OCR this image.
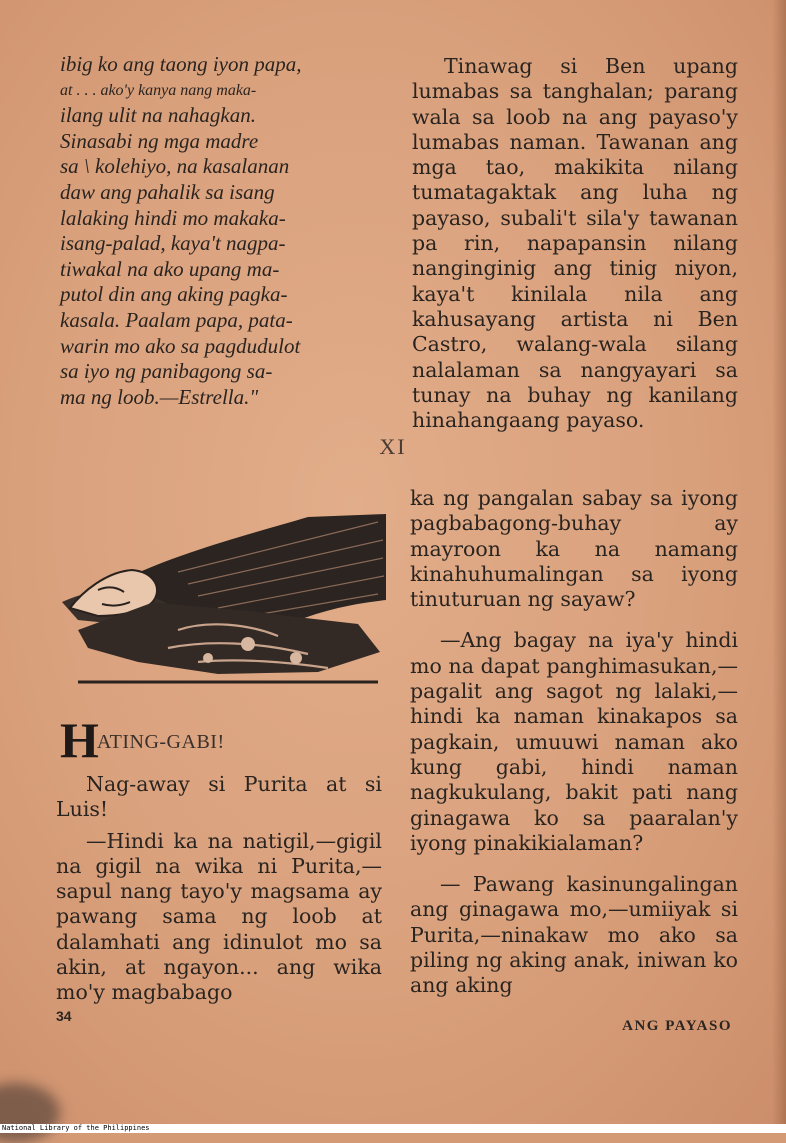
ibig ko ang taong iyon papa,

at . . . ako'y kanya nang maka-

ilang ulit na nahagkan.

Sinasabi ng mga madre

sa \ kolehiyo, na kasalanan

daw ang pahalik sa isang

lalaking hindi mo makaka-

isang-palad, kaya't nagpa-

tiwakal na ako upang ma-

putol din ang aking pagka-

kasala. Paalam papa, pata-

warin mo ako sa pagdudulot

sa iyo ng panibagong sa-

ma ng loob.—Estrella."

Tinawag si Ben upang lumabas sa tanghalan; parang wala sa loob na ang payaso'y lumabas naman. Tawanan ang mga tao, makikita nilang tumatagaktak ang luha ng payaso, subali't sila'y tawanan pa rin, napapansin nilang nanginginig ang tinig niyon, kaya't kinilala nila ang kahusayang artista ni Ben Castro, walang-wala silang nalalaman sa nangyayari sa tunay na buhay ng kanilang hinahangaang payaso.

XI
HATING-GABI!

Nag-away si Purita at si Luis!

—Hindi ka na natigil,—gigil na gigil na wika ni Purita,—sapul nang tayo'y magsama ay pawang sama ng loob at dalamhati ang idinulot mo sa akin, at ngayon... ang wika mo'y magbabago

ka ng pangalan sabay sa iyong pagbabagong-buhay ay mayroon ka na namang kinahuhumalingan sa iyong tinuturuan ng sayaw?

—Ang bagay na iya'y hindi mo na dapat panghimasukan,—pagalit ang sagot ng lalaki,—hindi ka naman kinakapos sa pagkain, umuuwi naman ako kung gabi, hindi naman nagkukulang, bakit pati nang ginagawa ko sa paaralan'y iyong pinakikialaman?

— Pawang kasinungalingan ang ginagawa mo,—umiiyak si Purita,—ninakaw mo ako sa piling ng aking anak, iniwan ko ang aking

34
ANG PAYASO
National Library of the Philippines
